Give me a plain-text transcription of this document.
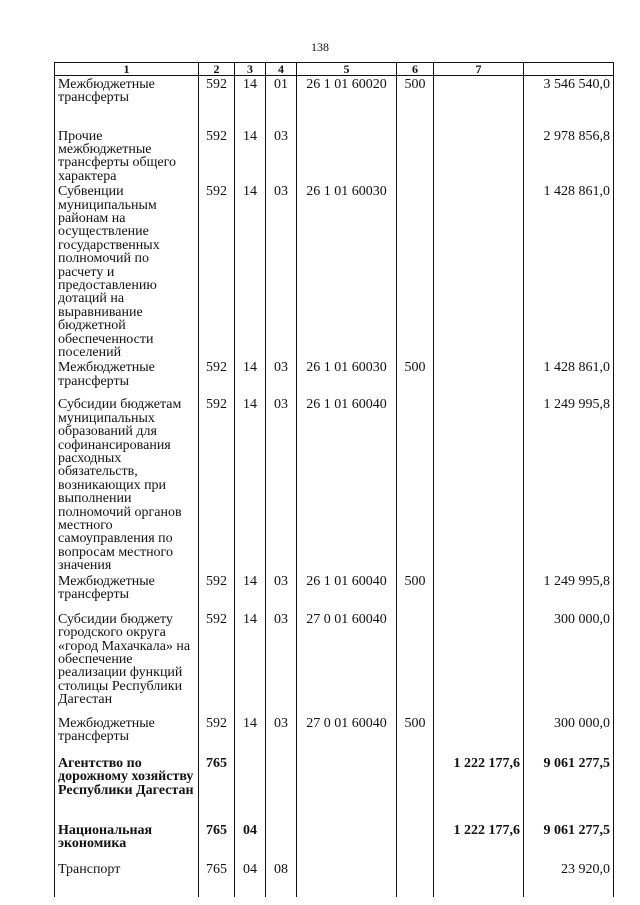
138
1	2	3	4	5	6	7	
Межбюджетные трансферты	592	14	01	26 1 01 60020	500		3 546 540,0
Прочие межбюджетные трансферты общего характера	592	14	03				2 978 856,8
Субвенции муниципальным районам на осуществление государственных полномочий по расчету и предоставлению дотаций на выравнивание бюджетной обеспеченности поселений	592	14	03	26 1 01 60030			1 428 861,0
Межбюджетные трансферты	592	14	03	26 1 01 60030	500		1 428 861,0
Субсидии бюджетам муниципальных образований для софинансирования расходных обязательств, возникающих при выполнении полномочий органов местного самоуправления по вопросам местного значения	592	14	03	26 1 01 60040			1 249 995,8
Межбюджетные трансферты	592	14	03	26 1 01 60040	500		1 249 995,8
Субсидии бюджету городского округа «город Махачкала» на обеспечение реализации функций столицы Республики Дагестан	592	14	03	27 0 01 60040			300 000,0
Межбюджетные трансферты	592	14	03	27 0 01 60040	500		300 000,0
Агентство по дорожному хозяйству Республики Дагестан	765					1 222 177,6	9 061 277,5
Национальная экономика	765	04				1 222 177,6	9 061 277,5
Транспорт	765	04	08				23 920,0
